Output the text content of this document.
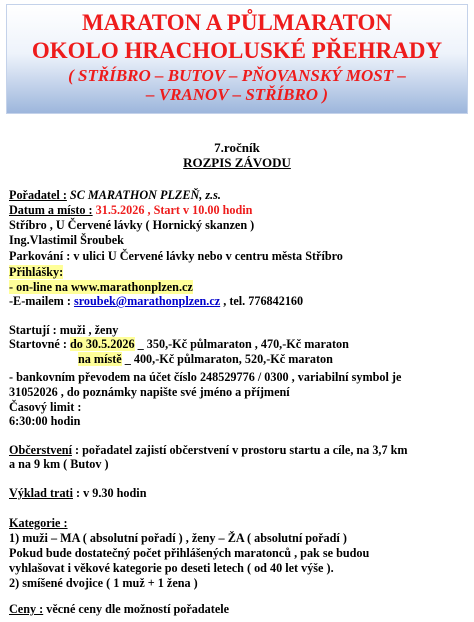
MARATON A PŮLMARATON
OKOLO HRACHOLUSKÉ PŘEHRADY
( STŘÍBRO – BUTOV – PŇOVANSKÝ MOST –
– VRANOV – STŘÍBRO )
7.ročník
ROZPIS ZÁVODU
Pořadatel : SC MARATHON PLZEŇ, z.s.
Datum a místo : 31.5.2026 , Start v 10.00 hodin
Stříbro , U Červené lávky ( Hornický skanzen )
Ing.Vlastimil Šroubek
Parkování : v ulici U Červené lávky nebo v centru města Stříbro
Přihlášky:
- on-line na www.marathonplzen.cz
-E-mailem : sroubek@marathonplzen.cz , tel. 776842160
Startují : muži , ženy
Startovné : do 30.5.2026 _ 350,-Kč půlmaraton , 470,-Kč maraton
na místě _ 400,-Kč půlmaraton, 520,-Kč maraton
- bankovním převodem na účet číslo 248529776 / 0300 , variabilní symbol je
31052026 , do poznámky napište své jméno a příjmení
Časový limit :
6:30:00 hodin
Občerstvení : pořadatel zajistí občerstvení v prostoru startu a cíle, na 3,7 km
a na 9 km ( Butov )
Výklad trati : v 9.30 hodin
Kategorie :
1) muži – MA ( absolutní pořadí ) , ženy – ŽA ( absolutní pořadí )
Pokud bude dostatečný počet přihlášených maratonců , pak se budou
vyhlašovat i věkové kategorie po deseti letech ( od 40 let výše ).
2) smíšené dvojice ( 1 muž + 1 žena )
Ceny : věcné ceny dle možností pořadatele
